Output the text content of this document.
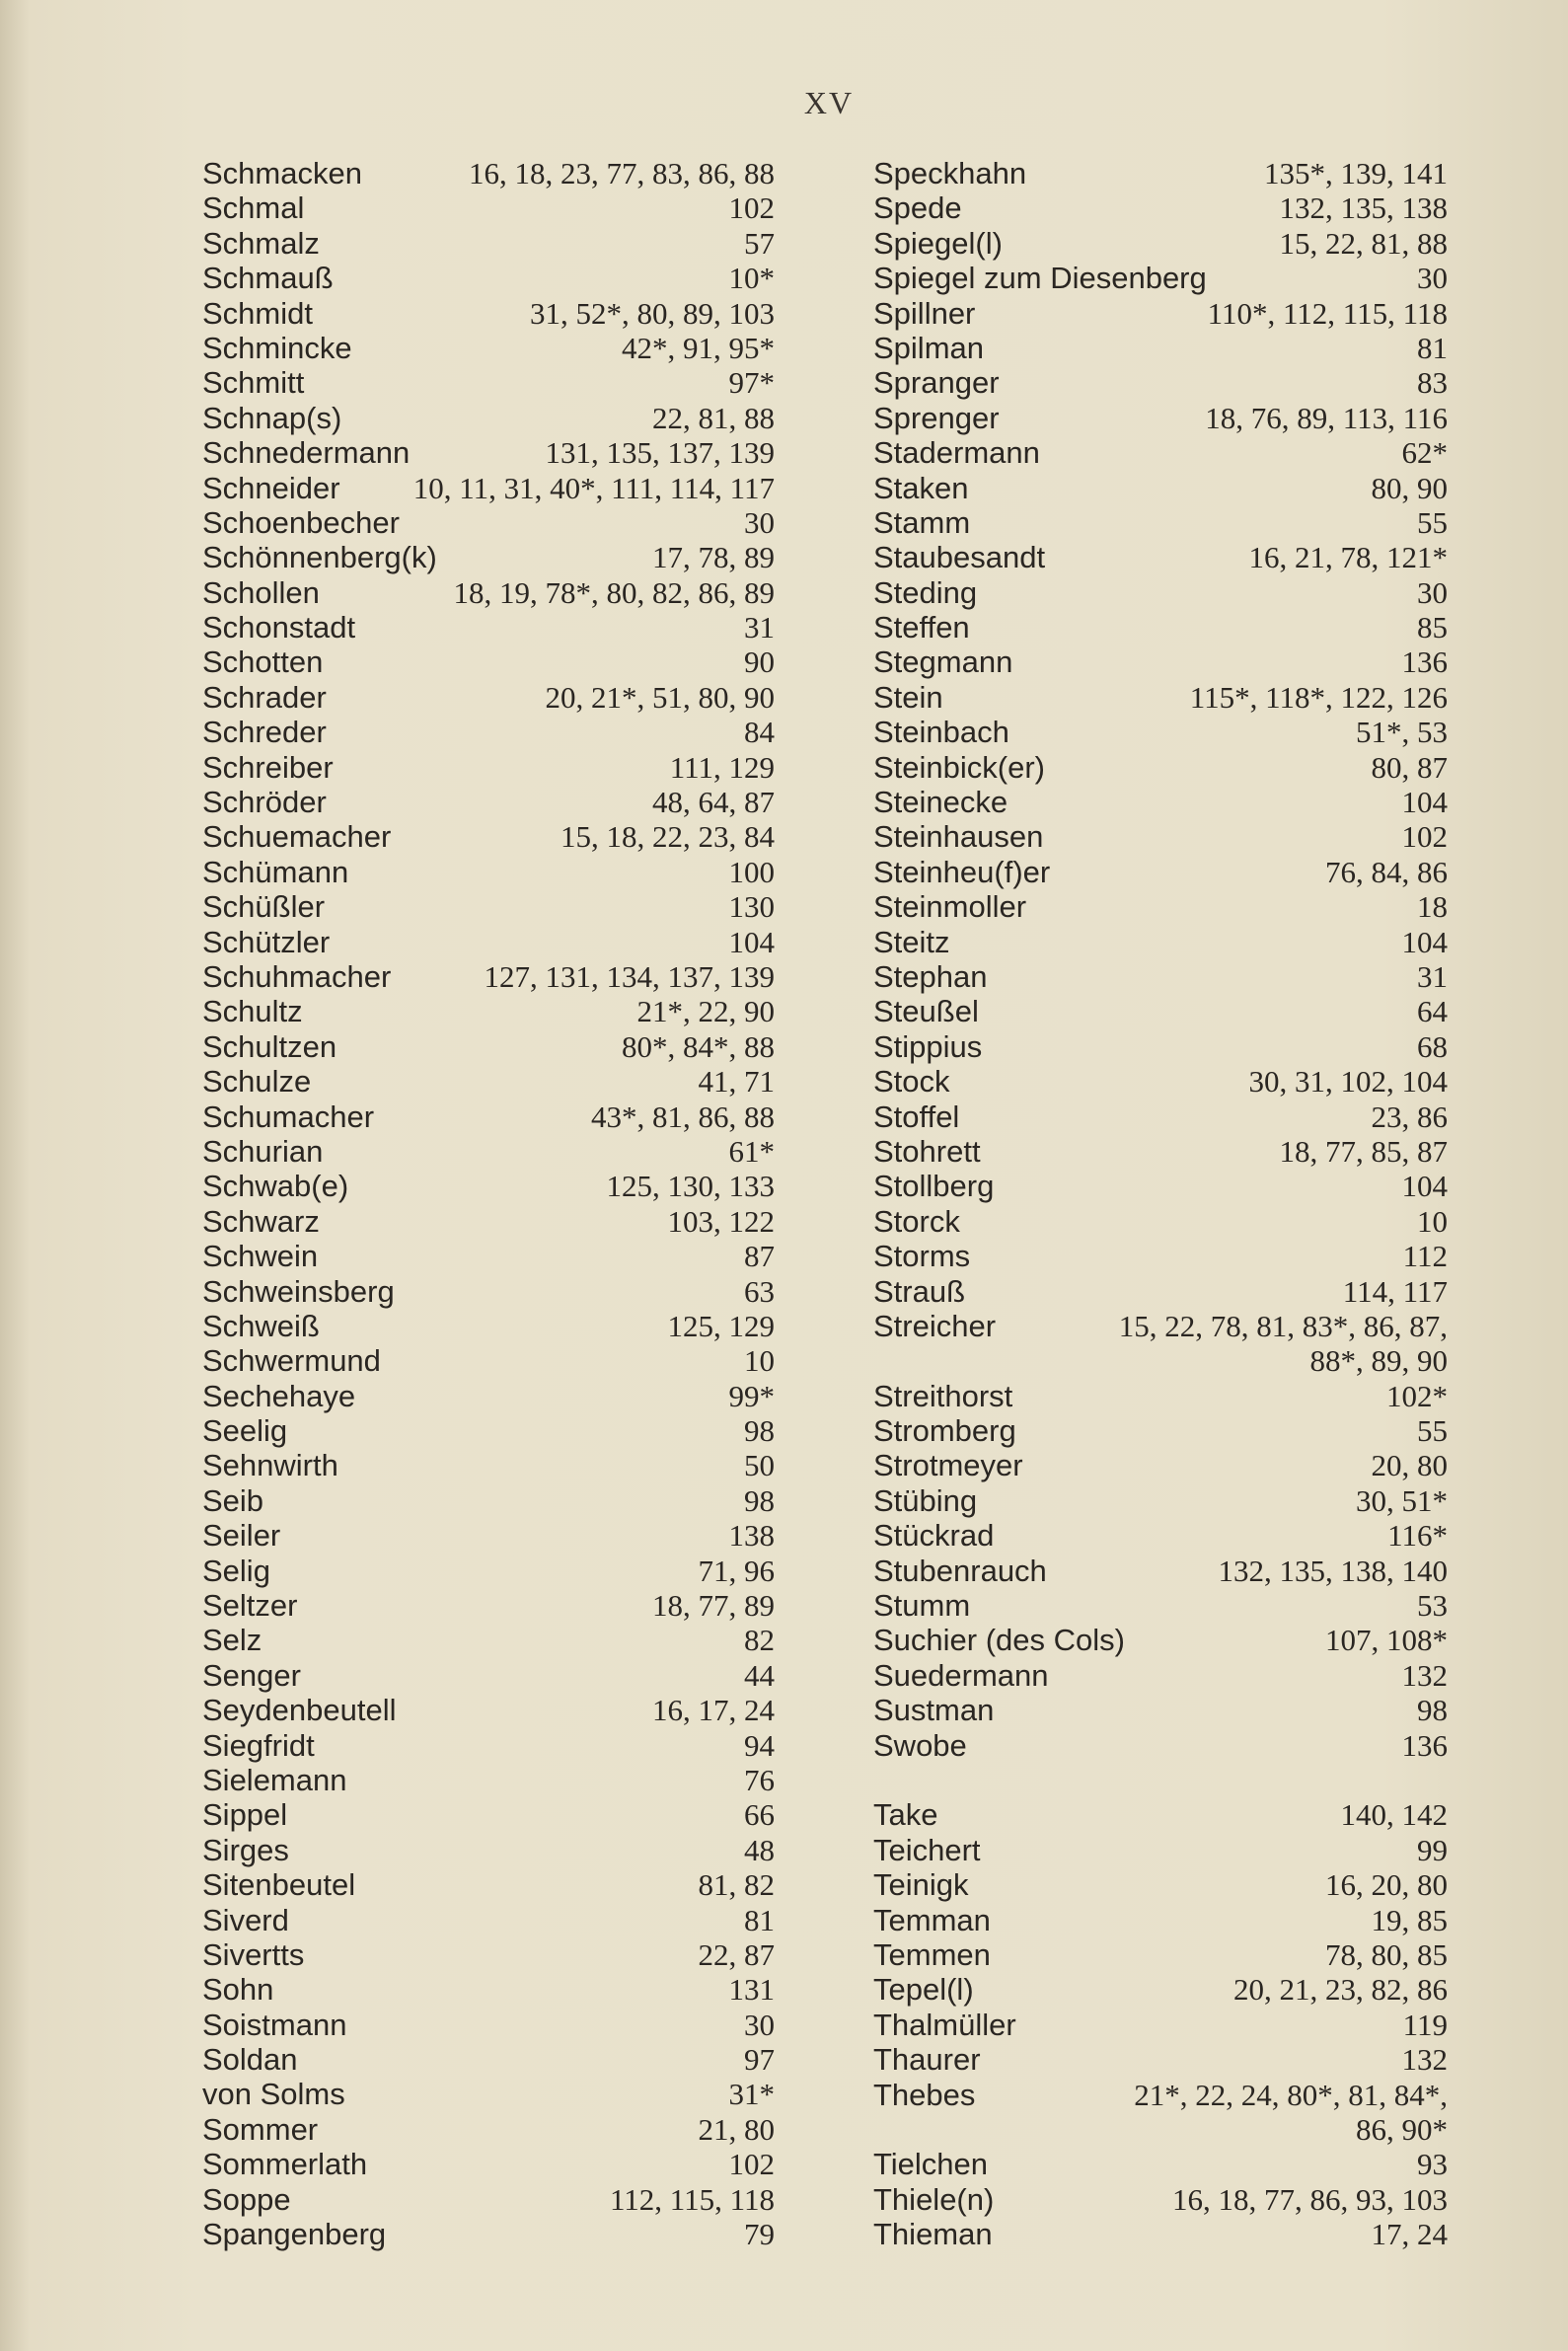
XV
Schmacken	16, 18, 23, 77, 83, 86, 88
Schmal	102
Schmalz	57
Schmauß	10*
Schmidt	31, 52*, 80, 89, 103
Schmincke	42*, 91, 95*
Schmitt	97*
Schnap(s)	22, 81, 88
Schnedermann	131, 135, 137, 139
Schneider 10, 11, 31, 40*, 111, 114, 117
Schoenbecher	30
Schönnenberg(k)	17, 78, 89
Schollen	18, 19, 78*, 80, 82, 86, 89
Schonstadt	31
Schotten	90
Schrader	20, 21*, 51, 80, 90
Schreder	84
Schreiber	111, 129
Schröder	48, 64, 87
Schuemacher	15, 18, 22, 23, 84
Schümann	100
Schüßler	130
Schützler	104
Schuhmacher	127, 131, 134, 137, 139
Schultz	21*, 22, 90
Schultzen	80*, 84*, 88
Schulze	41, 71
Schumacher	43*, 81, 86, 88
Schurian	61*
Schwab(e)	125, 130, 133
Schwarz	103, 122
Schwein	87
Schweinsberg	63
Schweiß	125, 129
Schwermund	10
Sechehaye	99*
Seelig	98
Sehnwirth	50
Seib	98
Seiler	138
Selig	71, 96
Seltzer	18, 77, 89
Selz	82
Senger	44
Seydenbeutell	16, 17, 24
Siegfridt	94
Sielemann	76
Sippel	66
Sirges	48
Sitenbeutel	81, 82
Siverd	81
Sivertts	22, 87
Sohn	131
Soistmann	30
Soldan	97
von Solms	31*
Sommer	21, 80
Sommerlath	102
Soppe	112, 115, 118
Spangenberg	79
Speckhahn	135*, 139, 141
Spede	132, 135, 138
Spiegel(l)	15, 22, 81, 88
Spiegel zum Diesenberg	30
Spillner	110*, 112, 115, 118
Spilman	81
Spranger	83
Sprenger	18, 76, 89, 113, 116
Stadermann	62*
Staken	80, 90
Stamm	55
Staubesandt	16, 21, 78, 121*
Steding	30
Steffen	85
Stegmann	136
Stein	115*, 118*, 122, 126
Steinbach	51*, 53
Steinbick(er)	80, 87
Steinecke	104
Steinhausen	102
Steinheu(f)er	76, 84, 86
Steinmoller	18
Steitz	104
Stephan	31
Steußel	64
Stippius	68
Stock	30, 31, 102, 104
Stoffel	23, 86
Stohrett	18, 77, 85, 87
Stollberg	104
Storck	10
Storms	112
Strauß	114, 117
Streicher	15, 22, 78, 81, 83*, 86, 87,
88*, 89, 90
Streithorst	102*
Stromberg	55
Strotmeyer	20, 80
Stübing	30, 51*
Stückrad	116*
Stubenrauch	132, 135, 138, 140
Stumm	53
Suchier (des Cols)	107, 108*
Suedermann	132
Sustman	98
Swobe	136
Take	140, 142
Teichert	99
Teinigk	16, 20, 80
Temman	19, 85
Temmen	78, 80, 85
Tepel(l)	20, 21, 23, 82, 86
Thalmüller	119
Thaurer	132
Thebes	21*, 22, 24, 80*, 81, 84*,
86, 90*
Tielchen	93
Thiele(n)	16, 18, 77, 86, 93, 103
Thieman	17, 24
